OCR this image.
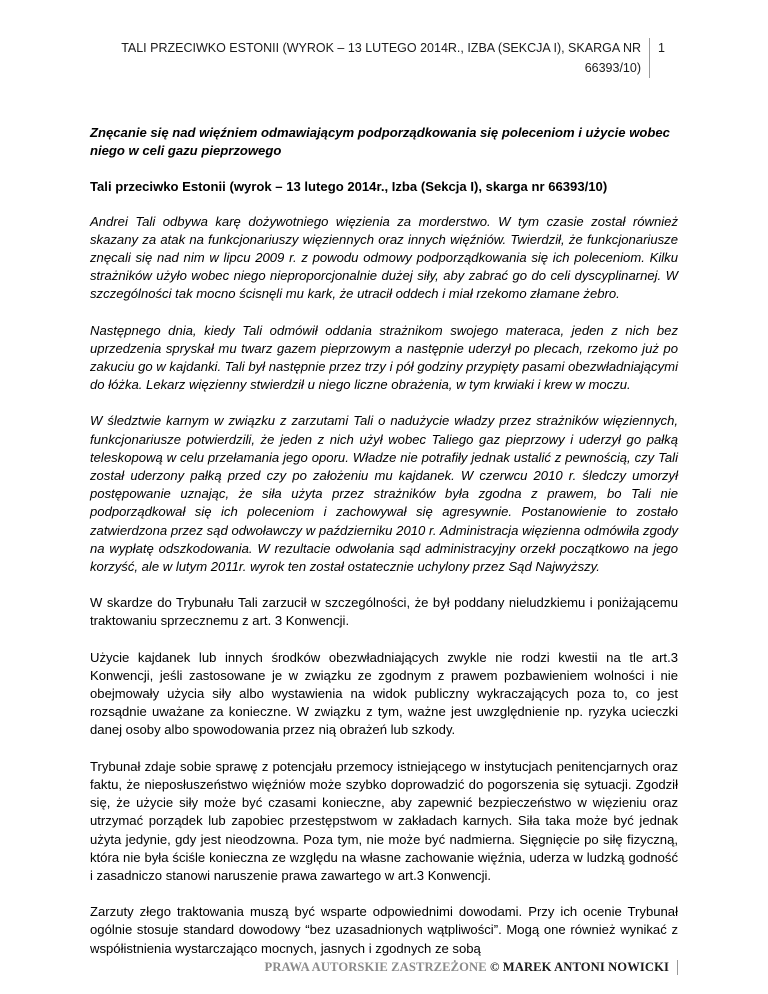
TALI PRZECIWKO ESTONII (WYROK – 13 LUTEGO 2014R., IZBA (SEKCJA I), SKARGA NR 66393/10)
1
Znęcanie się nad więźniem odmawiającym podporządkowania się poleceniom i użycie wobec niego w celi gazu pieprzowego
Tali przeciwko Estonii (wyrok – 13 lutego 2014r., Izba (Sekcja I), skarga nr 66393/10)

Andrei Tali odbywa karę dożywotniego więzienia za morderstwo. W tym czasie został również skazany za atak na funkcjonariuszy więziennych oraz innych więźniów. Twierdził, że funkcjonariusze znęcali się nad nim w lipcu 2009 r. z powodu odmowy podporządkowania się ich poleceniom. Kilku strażników użyło wobec niego nieproporcjonalnie dużej siły, aby zabrać go do celi dyscyplinarnej. W szczególności tak mocno ścisnęli mu kark, że utracił oddech i miał rzekomo złamane żebro.

Następnego dnia, kiedy Tali odmówił oddania strażnikom swojego materaca, jeden z nich bez uprzedzenia spryskał mu twarz gazem pieprzowym a następnie uderzył po plecach, rzekomo już po zakuciu go w kajdanki. Tali był następnie przez trzy i pół godziny przypięty pasami obezwładniającymi do łóżka. Lekarz więzienny stwierdził u niego liczne obrażenia, w tym krwiaki i krew w moczu.

W śledztwie karnym w związku z zarzutami Tali o nadużycie władzy przez strażników więziennych, funkcjonariusze potwierdzili, że jeden z nich użył wobec Taliego gaz pieprzowy i uderzył go pałką teleskopową w celu przełamania jego oporu. Władze nie potrafiły jednak ustalić z pewnością, czy Tali został uderzony pałką przed czy po założeniu mu kajdanek. W czerwcu 2010 r. śledczy umorzył postępowanie uznając, że siła użyta przez strażników była zgodna z prawem, bo Tali nie podporządkował się ich poleceniom i zachowywał się agresywnie. Postanowienie to zostało zatwierdzona przez sąd odwoławczy w październiku 2010 r. Administracja więzienna odmówiła zgody na wypłatę odszkodowania. W rezultacie odwołania sąd administracyjny orzekł początkowo na jego korzyść, ale w lutym 2011r. wyrok ten został ostatecznie uchylony przez Sąd Najwyższy.

W skardze do Trybunału Tali zarzucił w szczególności, że był poddany nieludzkiemu i poniżającemu traktowaniu sprzecznemu z art. 3 Konwencji.

Użycie kajdanek lub innych środków obezwładniających zwykle nie rodzi kwestii na tle art.3 Konwencji, jeśli zastosowane je w związku ze zgodnym z prawem pozbawieniem wolności i nie obejmowały użycia siły albo wystawienia na widok publiczny wykraczających poza to, co jest rozsądnie uważane za konieczne. W związku z tym, ważne jest uwzględnienie np. ryzyka ucieczki danej osoby albo spowodowania przez nią obrażeń lub szkody.

Trybunał zdaje sobie sprawę z potencjału przemocy istniejącego w instytucjach penitencjarnych oraz faktu, że nieposłuszeństwo więźniów może szybko doprowadzić do pogorszenia się sytuacji. Zgodził się, że użycie siły może być czasami konieczne, aby zapewnić bezpieczeństwo w więzieniu oraz utrzymać porządek lub zapobiec przestępstwom w zakładach karnych. Siła taka może być jednak użyta jedynie, gdy jest nieodzowna. Poza tym, nie może być nadmierna. Sięgnięcie po siłę fizyczną, która nie była ściśle konieczna ze względu na własne zachowanie więźnia, uderza w ludzką godność i zasadniczo stanowi naruszenie prawa zawartego w art.3 Konwencji.

Zarzuty złego traktowania muszą być wsparte odpowiednimi dowodami. Przy ich ocenie Trybunał ogólnie stosuje standard dowodowy “bez uzasadnionych wątpliwości”. Mogą one również wynikać z współistnienia wystarczająco mocnych, jasnych i zgodnych ze sobą

PRAWA AUTORSKIE ZASTRZEŻONE © MAREK ANTONI NOWICKI
